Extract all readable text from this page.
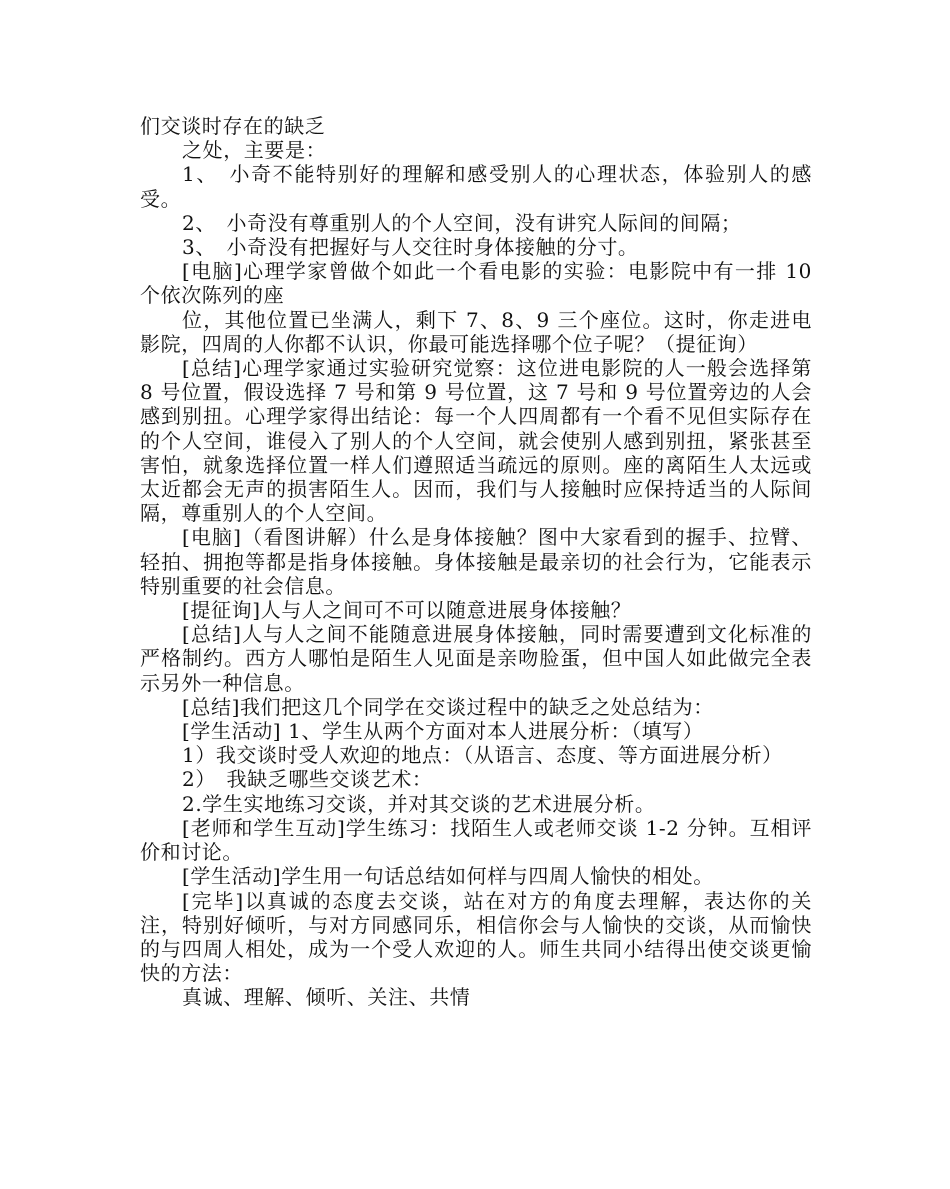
们交谈时存在的缺乏

之处，主要是：

1、　小奇不能特别好的理解和感受别人的心理状态，体验别人的感受。

2、　小奇没有尊重别人的个人空间，没有讲究人际间的间隔；

3、　小奇没有把握好与人交往时身体接触的分寸。

[电脑]心理学家曾做个如此一个看电影的实验：电影院中有一排 10 个依次陈列的座

位，其他位置已坐满人，剩下 7、8、9 三个座位。这时，你走进电影院，四周的人你都不认识，你最可能选择哪个位子呢？（提征询）

[总结]心理学家通过实验研究觉察：这位进电影院的人一般会选择第 8 号位置，假设选择 7 号和第 9 号位置，这 7 号和 9 号位置旁边的人会感到别扭。心理学家得出结论：每一个人四周都有一个看不见但实际存在的个人空间，谁侵入了别人的个人空间，就会使别人感到别扭，紧张甚至害怕，就象选择位置一样人们遵照适当疏远的原则。座的离陌生人太远或太近都会无声的损害陌生人。因而，我们与人接触时应保持适当的人际间隔，尊重别人的个人空间。

[电脑]（看图讲解）什么是身体接触？图中大家看到的握手、拉臂、轻拍、拥抱等都是指身体接触。身体接触是最亲切的社会行为，它能表示特别重要的社会信息。

[提征询]人与人之间可不可以随意进展身体接触？

[总结]人与人之间不能随意进展身体接触，同时需要遭到文化标准的严格制约。西方人哪怕是陌生人见面是亲吻脸蛋，但中国人如此做完全表示另外一种信息。

[总结]我们把这几个同学在交谈过程中的缺乏之处总结为：

[学生活动] 1、学生从两个方面对本人进展分析：（填写）

1）我交谈时受人欢迎的地点：（从语言、态度、等方面进展分析）

2）　我缺乏哪些交谈艺术：

2.学生实地练习交谈，并对其交谈的艺术进展分析。

[老师和学生互动]学生练习：找陌生人或老师交谈 1-2 分钟。互相评价和讨论。

[学生活动]学生用一句话总结如何样与四周人愉快的相处。

[完毕]以真诚的态度去交谈，站在对方的角度去理解，表达你的关注，特别好倾听，与对方同感同乐，相信你会与人愉快的交谈，从而愉快的与四周人相处，成为一个受人欢迎的人。师生共同小结得出使交谈更愉快的方法：

真诚、理解、倾听、关注、共情
